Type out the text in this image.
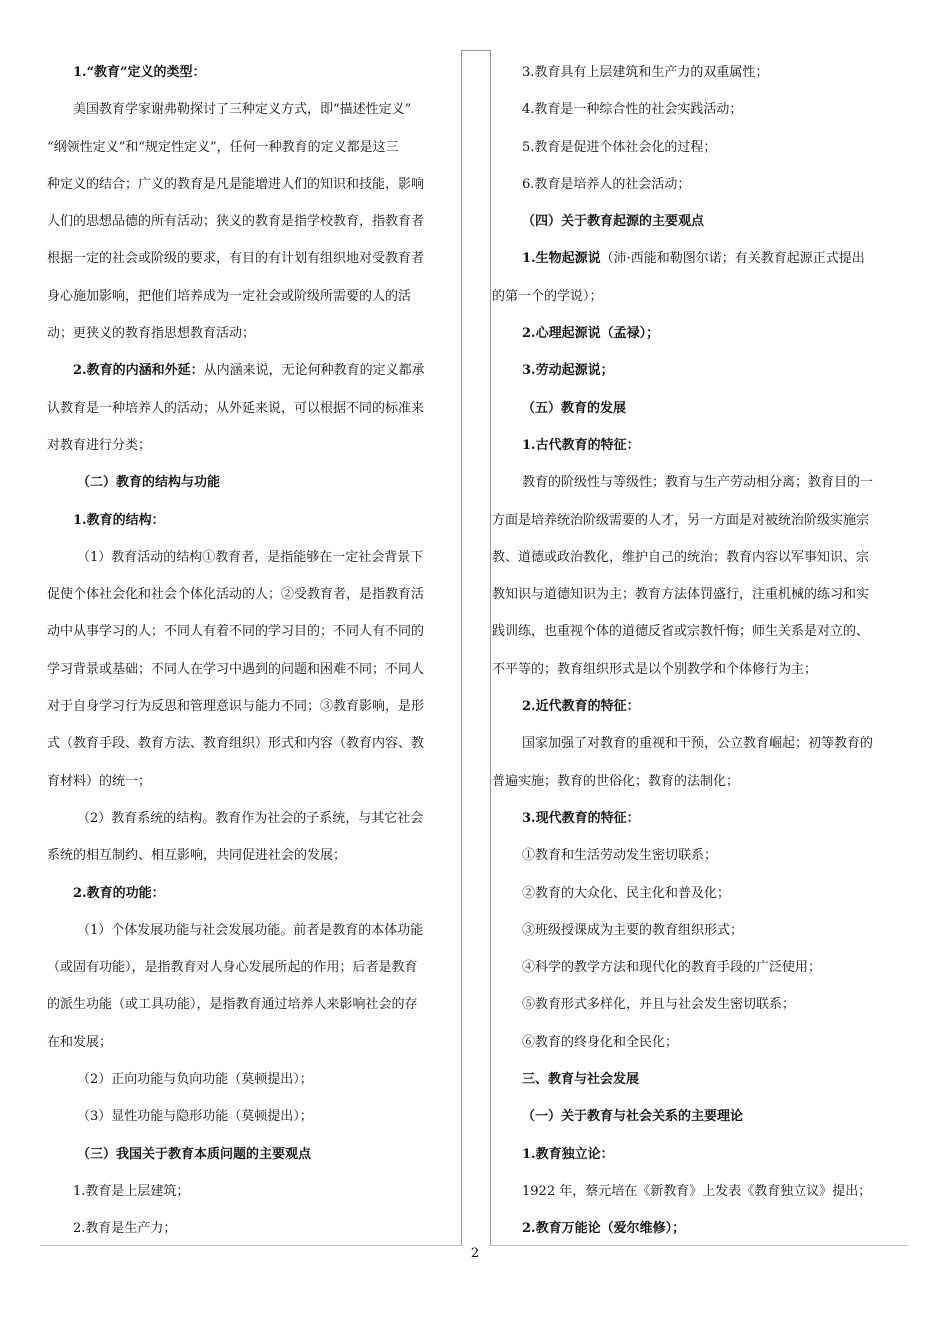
1.“教育”定义的类型：
美国教育学家谢弗勒探讨了三种定义方式，即“描述性定义”
“纲领性定义”和“规定性定义”，任何一种教育的定义都是这三
种定义的结合；广义的教育是凡是能增进人们的知识和技能，影响
人们的思想品德的所有活动；狭义的教育是指学校教育，指教育者
根据一定的社会或阶级的要求，有目的有计划有组织地对受教育者
身心施加影响，把他们培养成为一定社会或阶级所需要的人的活
动；更狭义的教育指思想教育活动；
2.教育的内涵和外延：从内涵来说，无论何种教育的定义都承
认教育是一种培养人的活动；从外延来说，可以根据不同的标准来
对教育进行分类；
（二）教育的结构与功能
1.教育的结构：
（1）教育活动的结构①教育者，是指能够在一定社会背景下
促使个体社会化和社会个体化活动的人；②受教育者，是指教育活
动中从事学习的人；不同人有着不同的学习目的；不同人有不同的
学习背景或基础；不同人在学习中遇到的问题和困难不同；不同人
对于自身学习行为反思和管理意识与能力不同；③教育影响，是形
式（教育手段、教育方法、教育组织）形式和内容（教育内容、教
育材料）的统一；
（2）教育系统的结构。教育作为社会的子系统，与其它社会
系统的相互制约、相互影响，共同促进社会的发展；
2.教育的功能：
（1）个体发展功能与社会发展功能。前者是教育的本体功能
（或固有功能），是指教育对人身心发展所起的作用；后者是教育
的派生功能（或工具功能），是指教育通过培养人来影响社会的存
在和发展；
（2）正向功能与负向功能（莫顿提出）；
（3）显性功能与隐形功能（莫顿提出）；
（三）我国关于教育本质问题的主要观点
1.教育是上层建筑；
2.教育是生产力；
3.教育具有上层建筑和生产力的双重属性；
4.教育是一种综合性的社会实践活动；
5.教育是促进个体社会化的过程；
6.教育是培养人的社会活动；
（四）关于教育起源的主要观点
1.生物起源说（沛·西能和勒图尔诺；有关教育起源正式提出
的第一个的学说）；
2.心理起源说（孟禄）；
3.劳动起源说；
（五）教育的发展
1.古代教育的特征：
教育的阶级性与等级性；教育与生产劳动相分离；教育目的一
方面是培养统治阶级需要的人才，另一方面是对被统治阶级实施宗
教、道德或政治教化，维护自己的统治；教育内容以军事知识、宗
教知识与道德知识为主；教育方法体罚盛行，注重机械的练习和实
践训练，也重视个体的道德反省或宗教忏悔；师生关系是对立的、
不平等的；教育组织形式是以个别教学和个体修行为主；
2.近代教育的特征：
国家加强了对教育的重视和干预，公立教育崛起；初等教育的
普遍实施；教育的世俗化；教育的法制化；
3.现代教育的特征：
①教育和生活劳动发生密切联系；
②教育的大众化、民主化和普及化；
③班级授课成为主要的教育组织形式；
④科学的教学方法和现代化的教育手段的广泛使用；
⑤教育形式多样化，并且与社会发生密切联系；
⑥教育的终身化和全民化；
三、教育与社会发展
（一）关于教育与社会关系的主要理论
1.教育独立论：
1922 年，蔡元培在《新教育》上发表《教育独立议》提出；
2.教育万能论（爱尔维修）；
2
